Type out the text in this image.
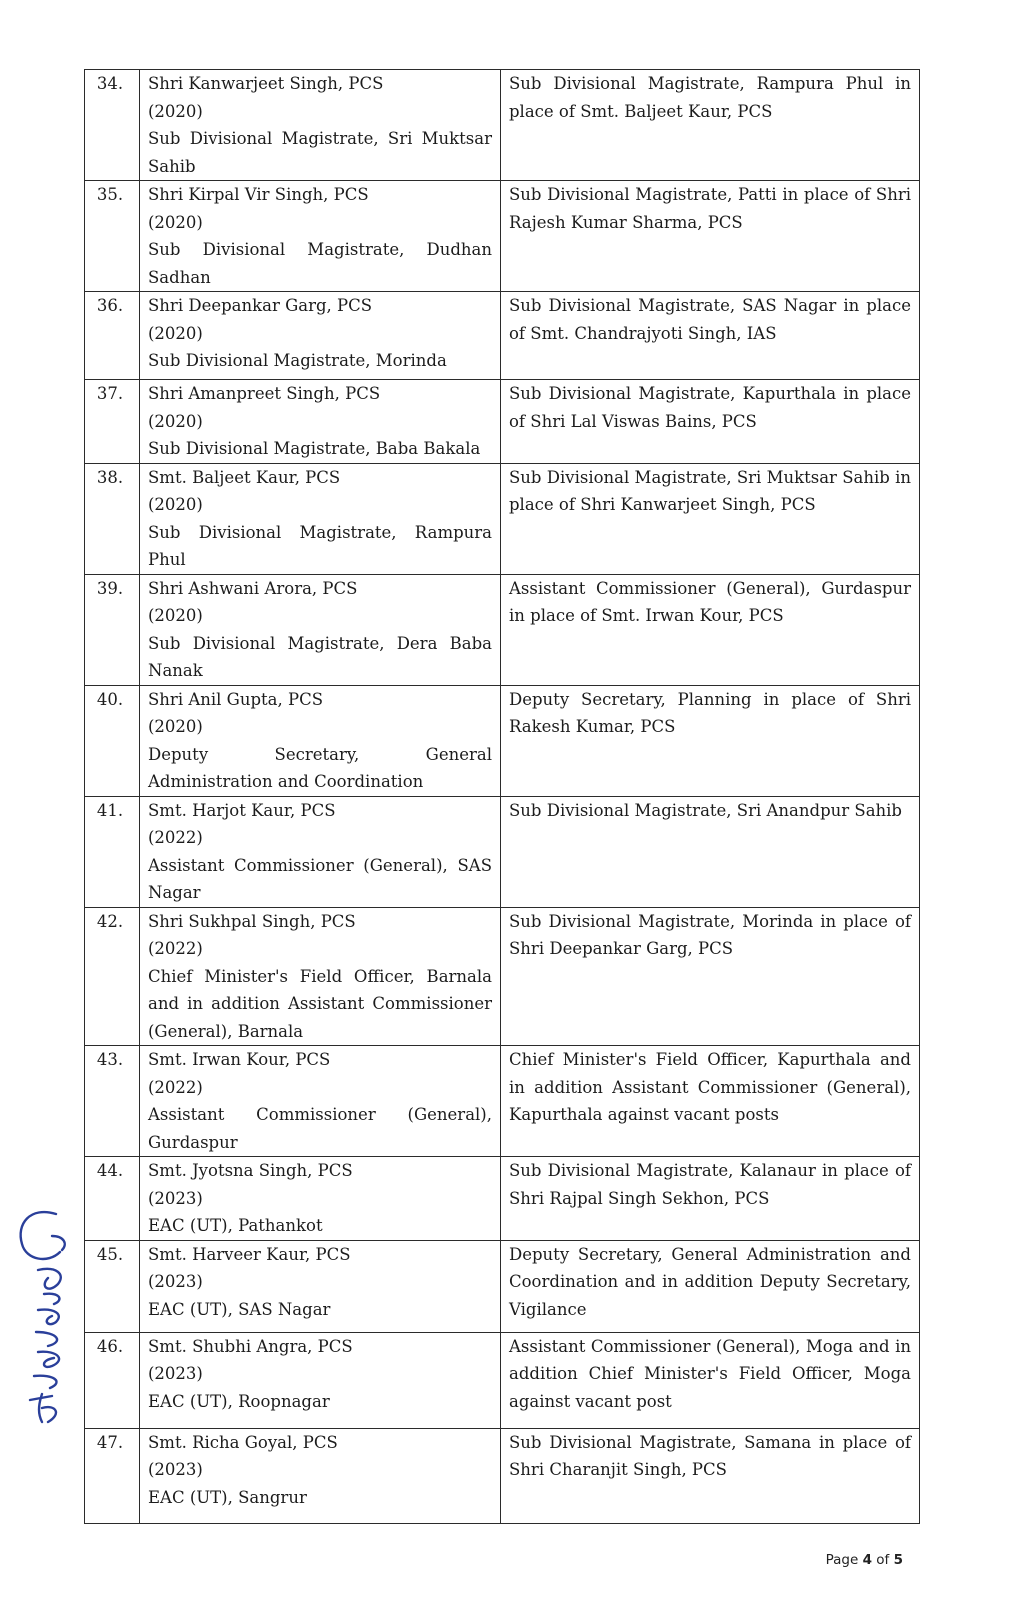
34.	Shri Kanwarjeet Singh, PCS
(2020)
Sub Divisional Magistrate, Sri Muktsar Sahib	Sub Divisional Magistrate, Rampura Phul in place of Smt. Baljeet Kaur, PCS
35.	Shri Kirpal Vir Singh, PCS
(2020)
Sub Divisional Magistrate, Dudhan Sadhan	Sub Divisional Magistrate, Patti in place of Shri Rajesh Kumar Sharma, PCS
36.	Shri Deepankar Garg, PCS
(2020)
Sub Divisional Magistrate, Morinda	Sub Divisional Magistrate, SAS Nagar in place of Smt. Chandrajyoti Singh, IAS
37.	Shri Amanpreet Singh, PCS
(2020)
Sub Divisional Magistrate, Baba Bakala	Sub Divisional Magistrate, Kapurthala in place of Shri Lal Viswas Bains, PCS
38.	Smt. Baljeet Kaur, PCS
(2020)
Sub Divisional Magistrate, Rampura Phul	Sub Divisional Magistrate, Sri Muktsar Sahib in place of Shri Kanwarjeet Singh, PCS
39.	Shri Ashwani Arora, PCS
(2020)
Sub Divisional Magistrate, Dera Baba Nanak	Assistant Commissioner (General), Gurdaspur in place of Smt. Irwan Kour, PCS
40.	Shri Anil Gupta, PCS
(2020)
Deputy Secretary, General Administration and Coordination	Deputy Secretary, Planning in place of Shri Rakesh Kumar, PCS
41.	Smt. Harjot Kaur, PCS
(2022)
Assistant Commissioner (General), SAS Nagar	Sub Divisional Magistrate, Sri Anandpur Sahib
42.	Shri Sukhpal Singh, PCS
(2022)
Chief Minister's Field Officer, Barnala and in addition Assistant Commissioner (General), Barnala	Sub Divisional Magistrate, Morinda in place of Shri Deepankar Garg, PCS
43.	Smt. Irwan Kour, PCS
(2022)
Assistant Commissioner (General), Gurdaspur	Chief Minister's Field Officer, Kapurthala and in addition Assistant Commissioner (General), Kapurthala against vacant posts
44.	Smt. Jyotsna Singh, PCS
(2023)
EAC (UT), Pathankot	Sub Divisional Magistrate, Kalanaur in place of Shri Rajpal Singh Sekhon, PCS
45.	Smt. Harveer Kaur, PCS
(2023)
EAC (UT), SAS Nagar	Deputy Secretary, General Administration and Coordination and in addition Deputy Secretary, Vigilance
46.	Smt. Shubhi Angra, PCS
(2023)
EAC (UT), Roopnagar	Assistant Commissioner (General), Moga and in addition Chief Minister's Field Officer, Moga against vacant post
47.	Smt. Richa Goyal, PCS
(2023)
EAC (UT), Sangrur	Sub Divisional Magistrate, Samana in place of Shri Charanjit Singh, PCS
Page 4 of 5
